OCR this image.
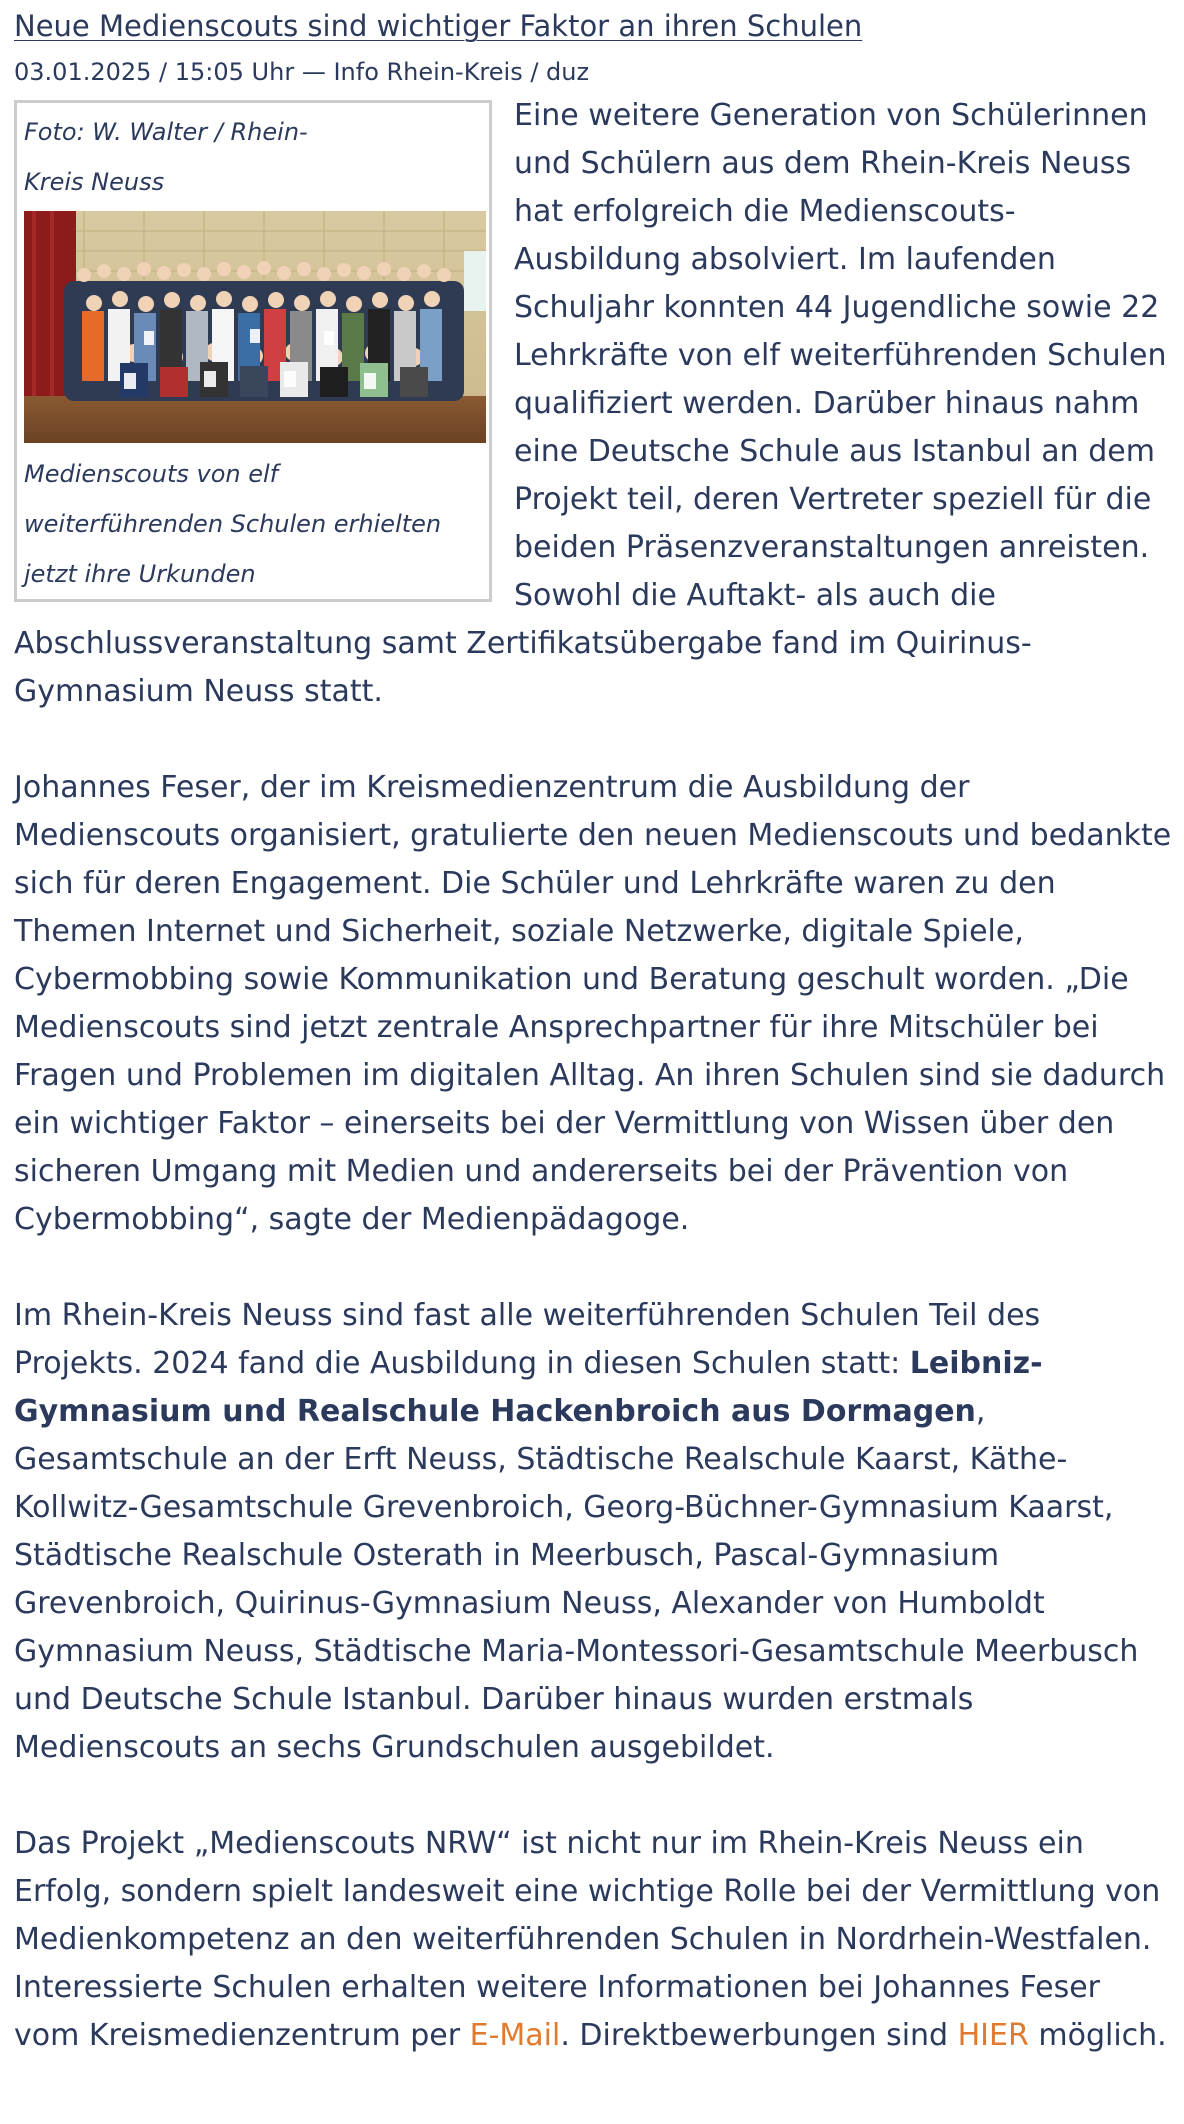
Neue Medienscouts sind wichtiger Faktor an ihren Schulen
03.01.2025 / 15:05 Uhr — Info Rhein-Kreis / duz
Foto: W. Walter / Rhein-Kreis Neuss
Medienscouts von elf weiterführenden Schulen erhielten jetzt ihre Urkunden

Eine weitere Generation von Schülerinnen und Schülern aus dem Rhein-Kreis Neuss hat erfolgreich die Medienscouts-Ausbildung absolviert. Im laufenden Schuljahr konnten 44 Jugendliche sowie 22 Lehrkräfte von elf weiterführenden Schulen qualifiziert werden. Darüber hinaus nahm eine Deutsche Schule aus Istanbul an dem Projekt teil, deren Vertreter speziell für die beiden Präsenzveranstaltungen anreisten. Sowohl die Auftakt- als auch die Abschlussveranstaltung samt Zertifikatsübergabe fand im Quirinus-Gymnasium Neuss statt.

Johannes Feser, der im Kreismedienzentrum die Ausbildung der Medienscouts organisiert, gratulierte den neuen Medienscouts und bedankte sich für deren Engagement. Die Schüler und Lehrkräfte waren zu den Themen Internet und Sicherheit, soziale Netzwerke, digitale Spiele, Cybermobbing sowie Kommunikation und Beratung geschult worden. „Die Medienscouts sind jetzt zentrale Ansprechpartner für ihre Mitschüler bei Fragen und Problemen im digitalen Alltag. An ihren Schulen sind sie dadurch ein wichtiger Faktor – einerseits bei der Vermittlung von Wissen über den sicheren Umgang mit Medien und andererseits bei der Prävention von Cybermobbing“, sagte der Medienpädagoge.

Im Rhein-Kreis Neuss sind fast alle weiterführenden Schulen Teil des Projekts. 2024 fand die Ausbildung in diesen Schulen statt: Leibniz-Gymnasium und Realschule Hackenbroich aus Dormagen, Gesamtschule an der Erft Neuss, Städtische Realschule Kaarst, Käthe-Kollwitz-Gesamtschule Grevenbroich, Georg-Büchner-Gymnasium Kaarst, Städtische Realschule Osterath in Meerbusch, Pascal-Gymnasium Grevenbroich, Quirinus-Gymnasium Neuss, Alexander von Humboldt Gymnasium Neuss, Städtische Maria-Montessori-Gesamtschule Meerbusch und Deutsche Schule Istanbul. Darüber hinaus wurden erstmals Medienscouts an sechs Grundschulen ausgebildet.

Das Projekt „Medienscouts NRW“ ist nicht nur im Rhein-Kreis Neuss ein Erfolg, sondern spielt landesweit eine wichtige Rolle bei der Vermittlung von Medienkompetenz an den weiterführenden Schulen in Nordrhein-Westfalen. Interessierte Schulen erhalten weitere Informationen bei Johannes Feser vom Kreismedienzentrum per E-Mail. Direktbewerbungen sind HIER möglich.
